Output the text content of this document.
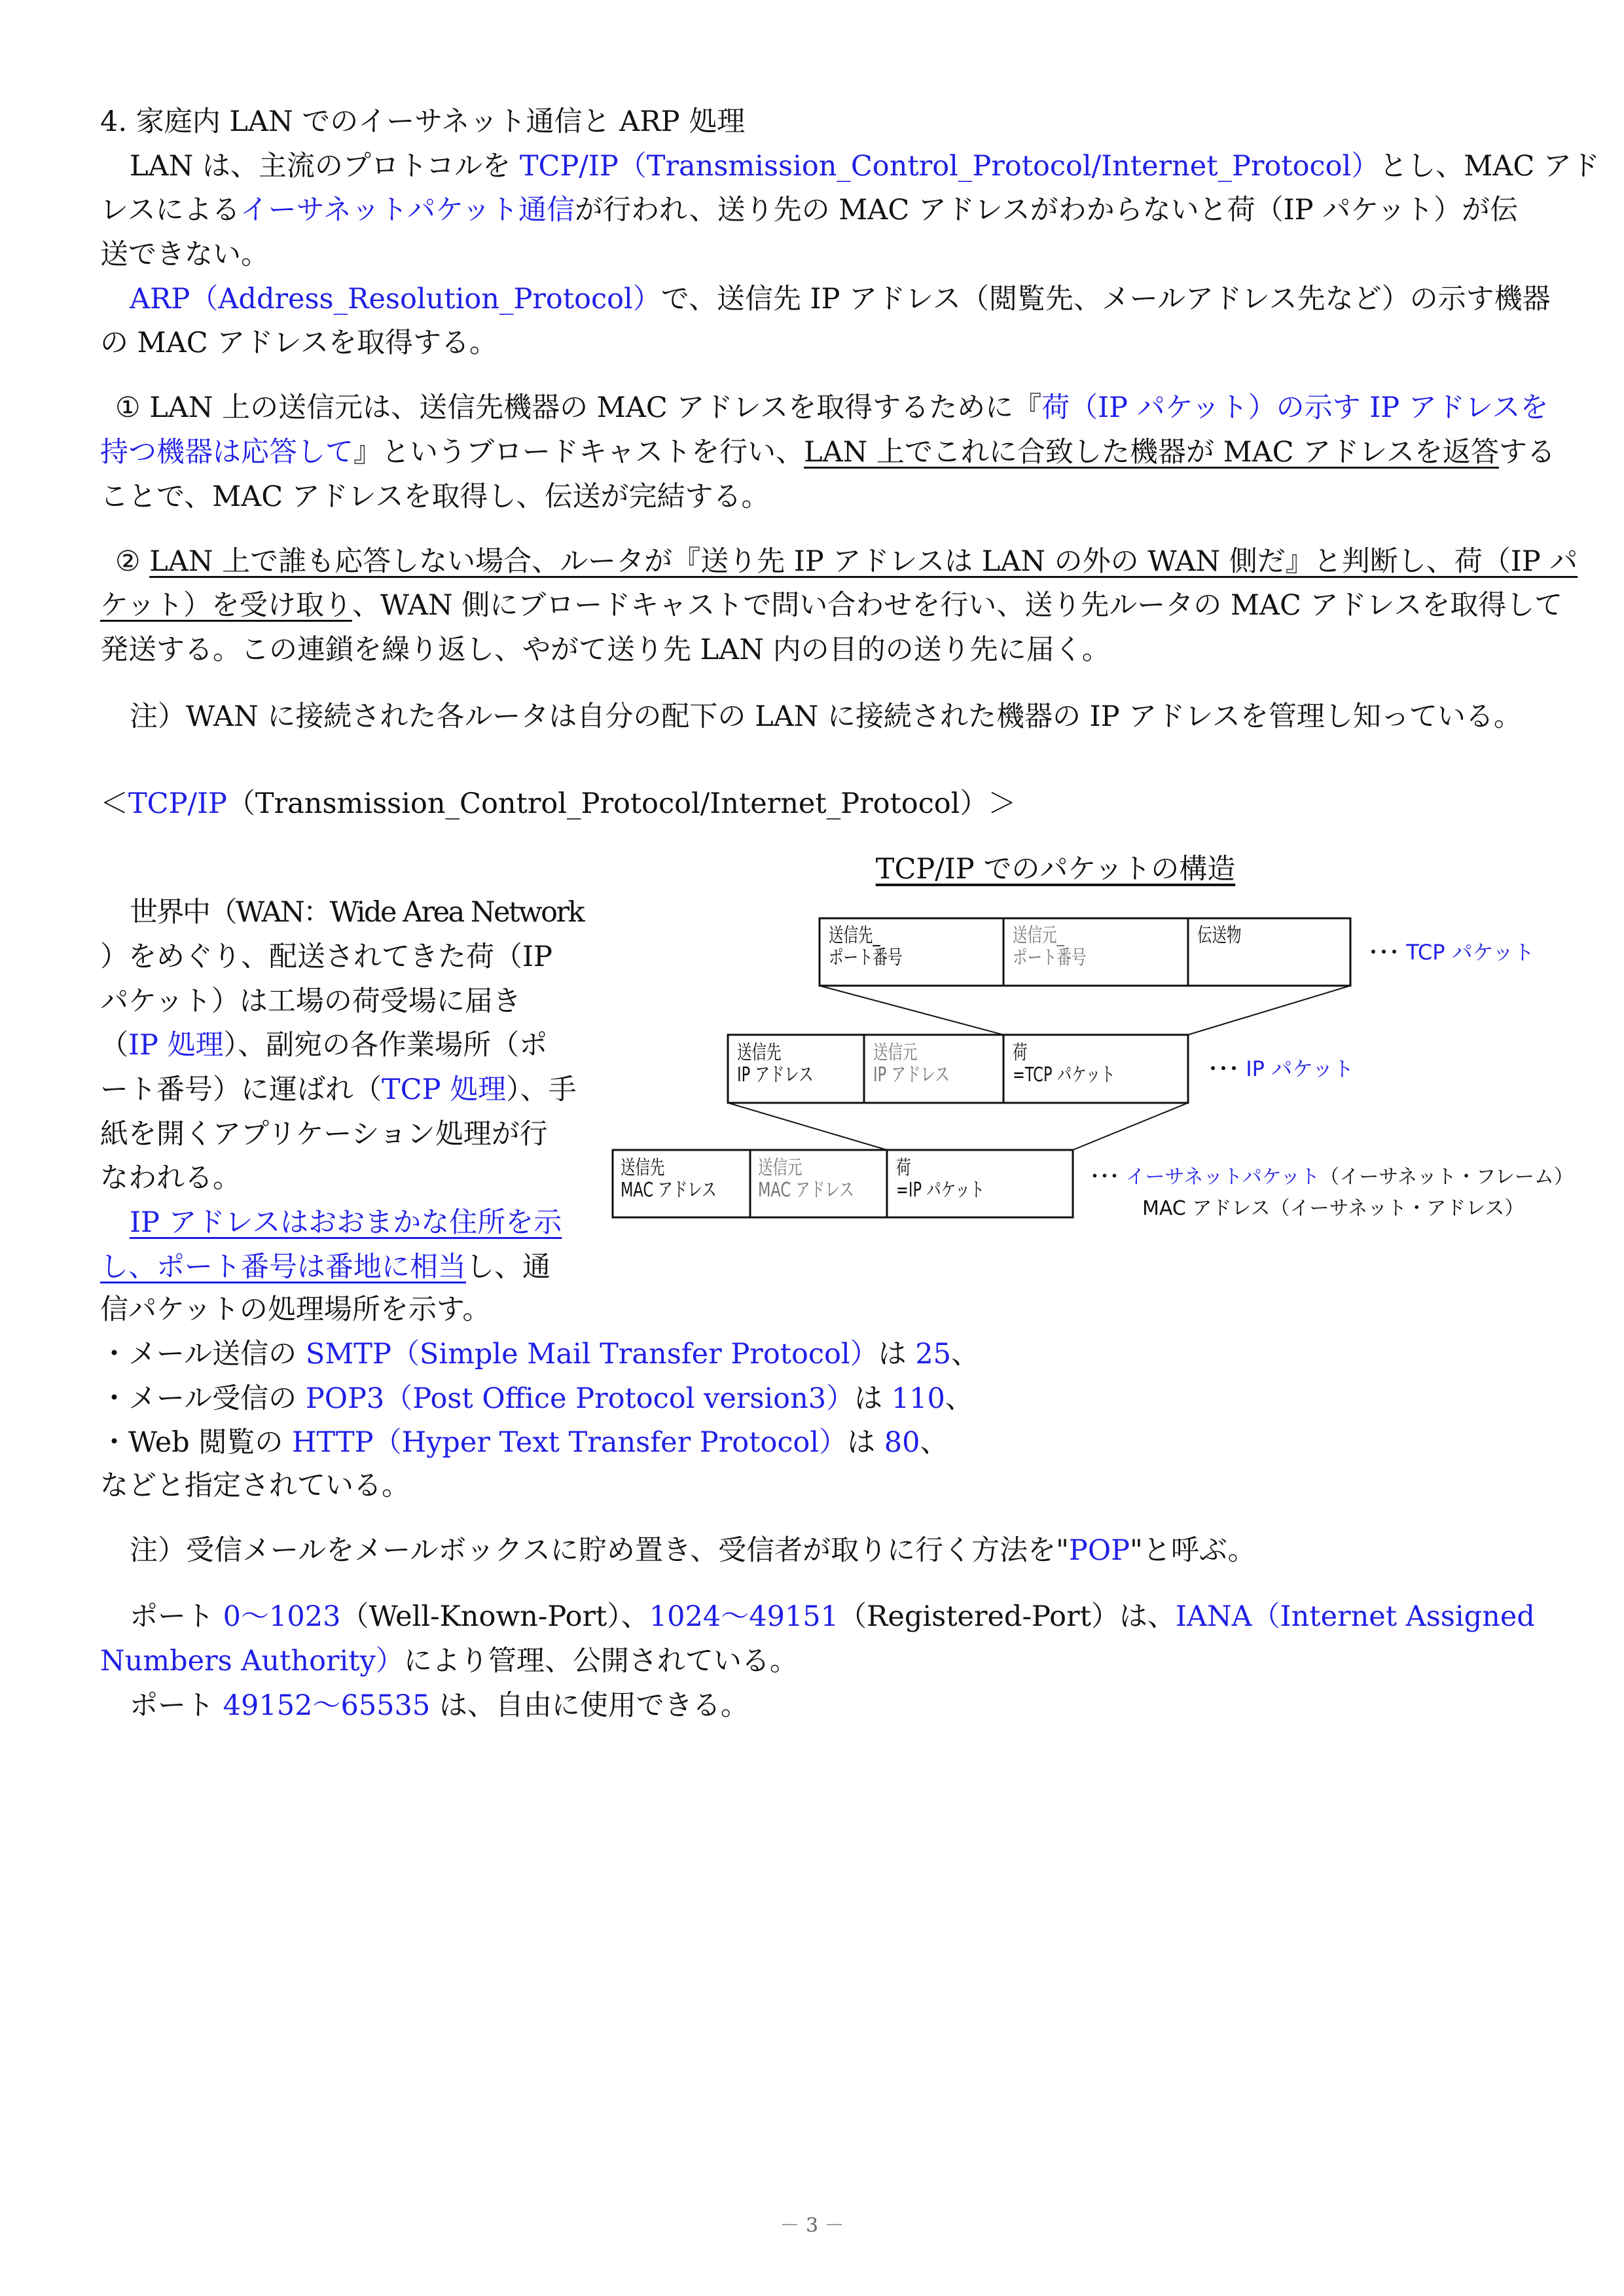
4. 家庭内 LAN でのイーサネット通信と ARP 処理
LAN は、主流のプロトコルを TCP/IP（Transmission_Control_Protocol/Internet_Protocol）とし、MAC アド
レスによるイーサネットパケット通信が行われ、送り先の MAC アドレスがわからないと荷（IP パケット）が伝
送できない。
ARP（Address_Resolution_Protocol）で、送信先 IP アドレス（閲覧先、メールアドレス先など）の示す機器
の MAC アドレスを取得する。
① LAN 上の送信元は、送信先機器の MAC アドレスを取得するために『荷（IP パケット）の示す IP アドレスを
持つ機器は応答して』というブロードキャストを行い、LAN 上でこれに合致した機器が MAC アドレスを返答する
ことで、MAC アドレスを取得し、伝送が完結する。
② LAN 上で誰も応答しない場合、ルータが『送り先 IP アドレスは LAN の外の WAN 側だ』と判断し、荷（IP パ
ケット）を受け取り、WAN 側にブロードキャストで問い合わせを行い、送り先ルータの MAC アドレスを取得して
発送する。この連鎖を繰り返し、やがて送り先 LAN 内の目的の送り先に届く。
注）WAN に接続された各ルータは自分の配下の LAN に接続された機器の IP アドレスを管理し知っている。
＜TCP/IP（Transmission_Control_Protocol/Internet_Protocol）＞
世界中（WAN：Wide Area Network
）をめぐり、配送されてきた荷（IP
パケット）は工場の荷受場に届き
（IP 処理）、副宛の各作業場所（ポ
ート番号）に運ばれ（TCP 処理）、手
紙を開くアプリケーション処理が行
なわれる。
IP アドレスはおおまかな住所を示
し、ポート番号は番地に相当し、通
信パケットの処理場所を示す。
・メール送信の SMTP（Simple Mail Transfer Protocol）は 25、
・メール受信の POP3（Post Office Protocol version3）は 110、
・Web 閲覧の HTTP（Hyper Text Transfer Protocol）は 80、
などと指定されている。
注）受信メールをメールボックスに貯め置き、受信者が取りに行く方法を"POP"と呼ぶ。
ポート 0～1023（Well-Known-Port）、1024～49151（Registered-Port）は、IANA（Internet Assigned
Numbers Authority）により管理、公開されている。
ポート 49152～65535 は、自由に使用できる。
TCP/IP でのパケットの構造
送信先_
ポート番号
送信元_
ポート番号
伝送物
送信先
IP アドレス
送信元
IP アドレス
荷
=TCP パケット
送信先
MAC アドレス
送信元
MAC アドレス
荷
=IP パケット
･･･ TCP パケット
･･･ IP パケット
･･･ イーサネットパケット（イーサネット・フレーム）
MAC アドレス（イーサネット・アドレス）
－ 3 －
